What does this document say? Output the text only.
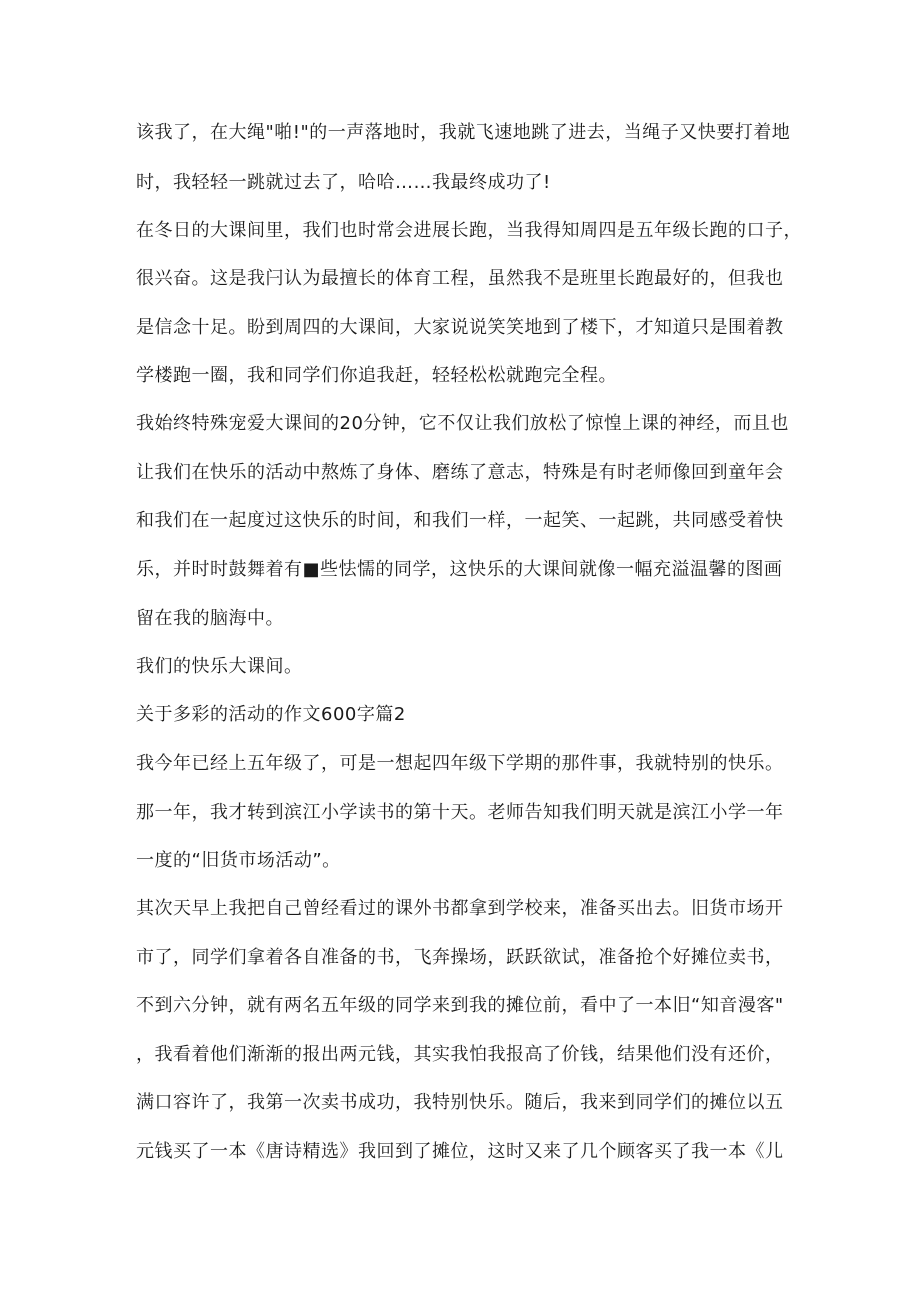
该我了，在大绳"啪!"的一声落地时，我就飞速地跳了进去，当绳子又快要打着地
时，我轻轻一跳就过去了，哈哈……我最终成功了!
在冬日的大课间里，我们也时常会进展长跑，当我得知周四是五年级长跑的口子，
很兴奋。这是我闩认为最擅长的体育工程，虽然我不是班里长跑最好的，但我也
是信念十足。盼到周四的大课间，大家说说笑笑地到了楼下，才知道只是围着教
学楼跑一圈，我和同学们你追我赶，轻轻松松就跑完全程。
我始终特殊宠爱大课间的20分钟，它不仅让我们放松了惊惶上课的神经，而且也
让我们在快乐的活动中熬炼了身体、磨练了意志，特殊是有时老师像回到童年会
和我们在一起度过这快乐的时间，和我们一样，一起笑、一起跳，共同感受着快
乐，并时时鼓舞着有■些怯懦的同学，这快乐的大课间就像一幅充溢温馨的图画
留在我的脑海中。
我们的快乐大课间。
关于多彩的活动的作文600字篇2
我今年已经上五年级了，可是一想起四年级下学期的那件事，我就特别的快乐。
那一年，我才转到滨江小学读书的第十天。老师告知我们明天就是滨江小学一年
一度的“旧货市场活动”。
其次天早上我把自己曾经看过的课外书都拿到学校来，准备买出去。旧货市场开
市了，同学们拿着各自准备的书，飞奔操场，跃跃欲试，准备抢个好摊位卖书，
不到六分钟，就有两名五年级的同学来到我的摊位前，看中了一本旧“知音漫客"
，我看着他们渐渐的报出两元钱，其实我怕我报高了价钱，结果他们没有还价，
满口容许了，我第一次卖书成功，我特别快乐。随后，我来到同学们的摊位以五
元钱买了一本《唐诗精选》我回到了摊位，这时又来了几个顾客买了我一本《儿
